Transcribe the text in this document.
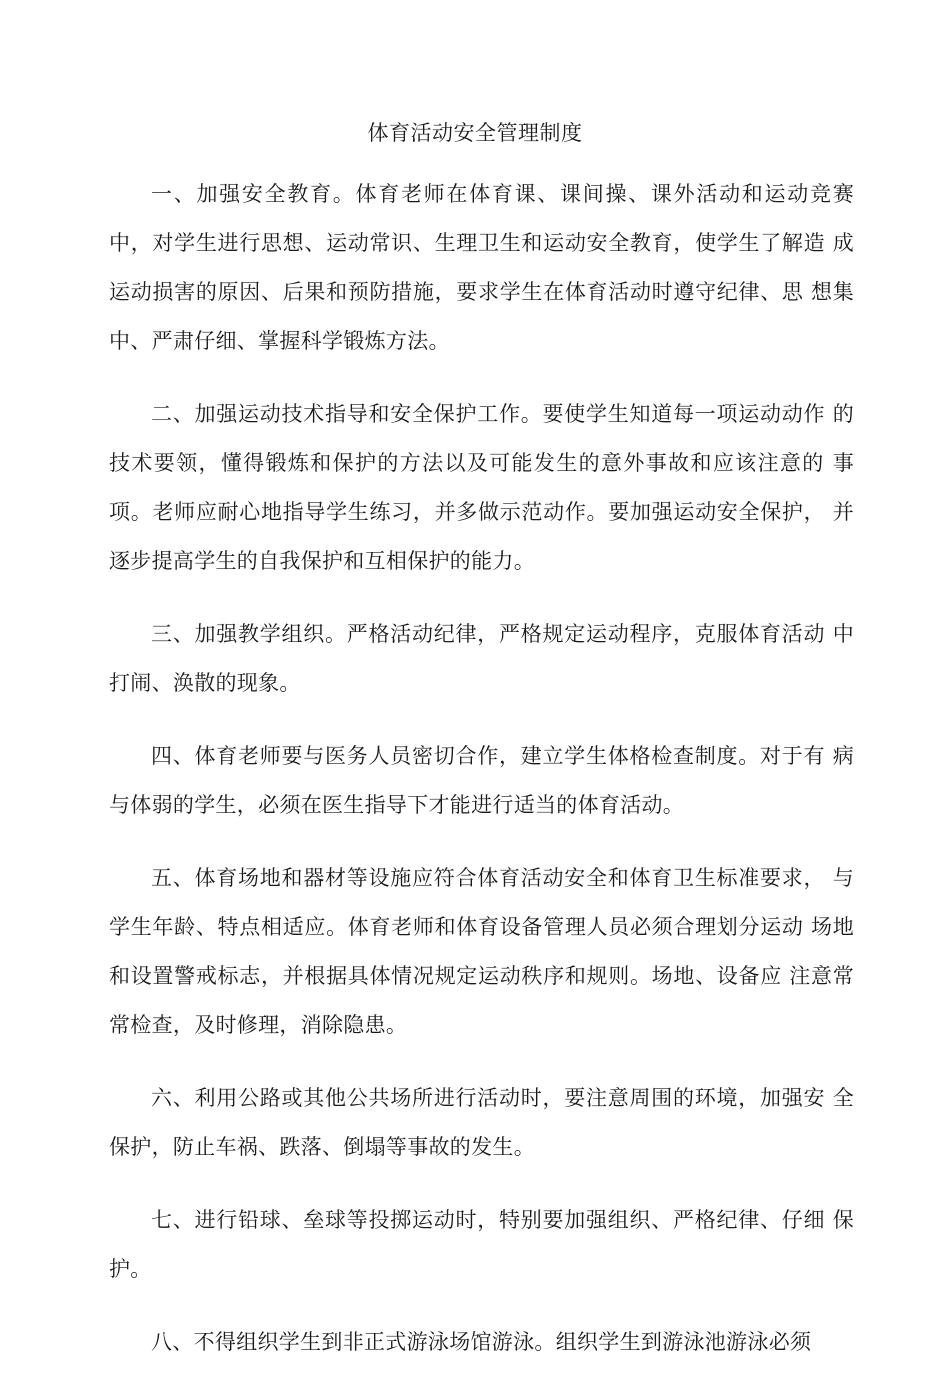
体育活动安全管理制度

一、加强安全教育。体育老师在体育课、课间操、课外活动和运动竞赛 中，对学生进行思想、运动常识、生理卫生和运动安全教育，使学生了解造 成运动损害的原因、后果和预防措施，要求学生在体育活动时遵守纪律、思 想集中、严肃仔细、掌握科学锻炼方法。

二、加强运动技术指导和安全保护工作。要使学生知道每一项运动动作 的技术要领，懂得锻炼和保护的方法以及可能发生的意外事故和应该注意的 事项。老师应耐心地指导学生练习，并多做示范动作。要加强运动安全保护， 并逐步提高学生的自我保护和互相保护的能力。

三、加强教学组织。严格活动纪律，严格规定运动程序，克服体育活动 中打闹、涣散的现象。

四、体育老师要与医务人员密切合作，建立学生体格检查制度。对于有 病与体弱的学生，必须在医生指导下才能进行适当的体育活动。

五、体育场地和器材等设施应符合体育活动安全和体育卫生标准要求， 与学生年龄、特点相适应。体育老师和体育设备管理人员必须合理划分运动 场地和设置警戒标志，并根据具体情况规定运动秩序和规则。场地、设备应 注意常常检查，及时修理，消除隐患。

六、利用公路或其他公共场所进行活动时，要注意周围的环境，加强安 全保护，防止车祸、跌落、倒塌等事故的发生。

七、进行铅球、垒球等投掷运动时，特别要加强组织、严格纪律、仔细 保护。

八、不得组织学生到非正式游泳场馆游泳。组织学生到游泳池游泳必须
